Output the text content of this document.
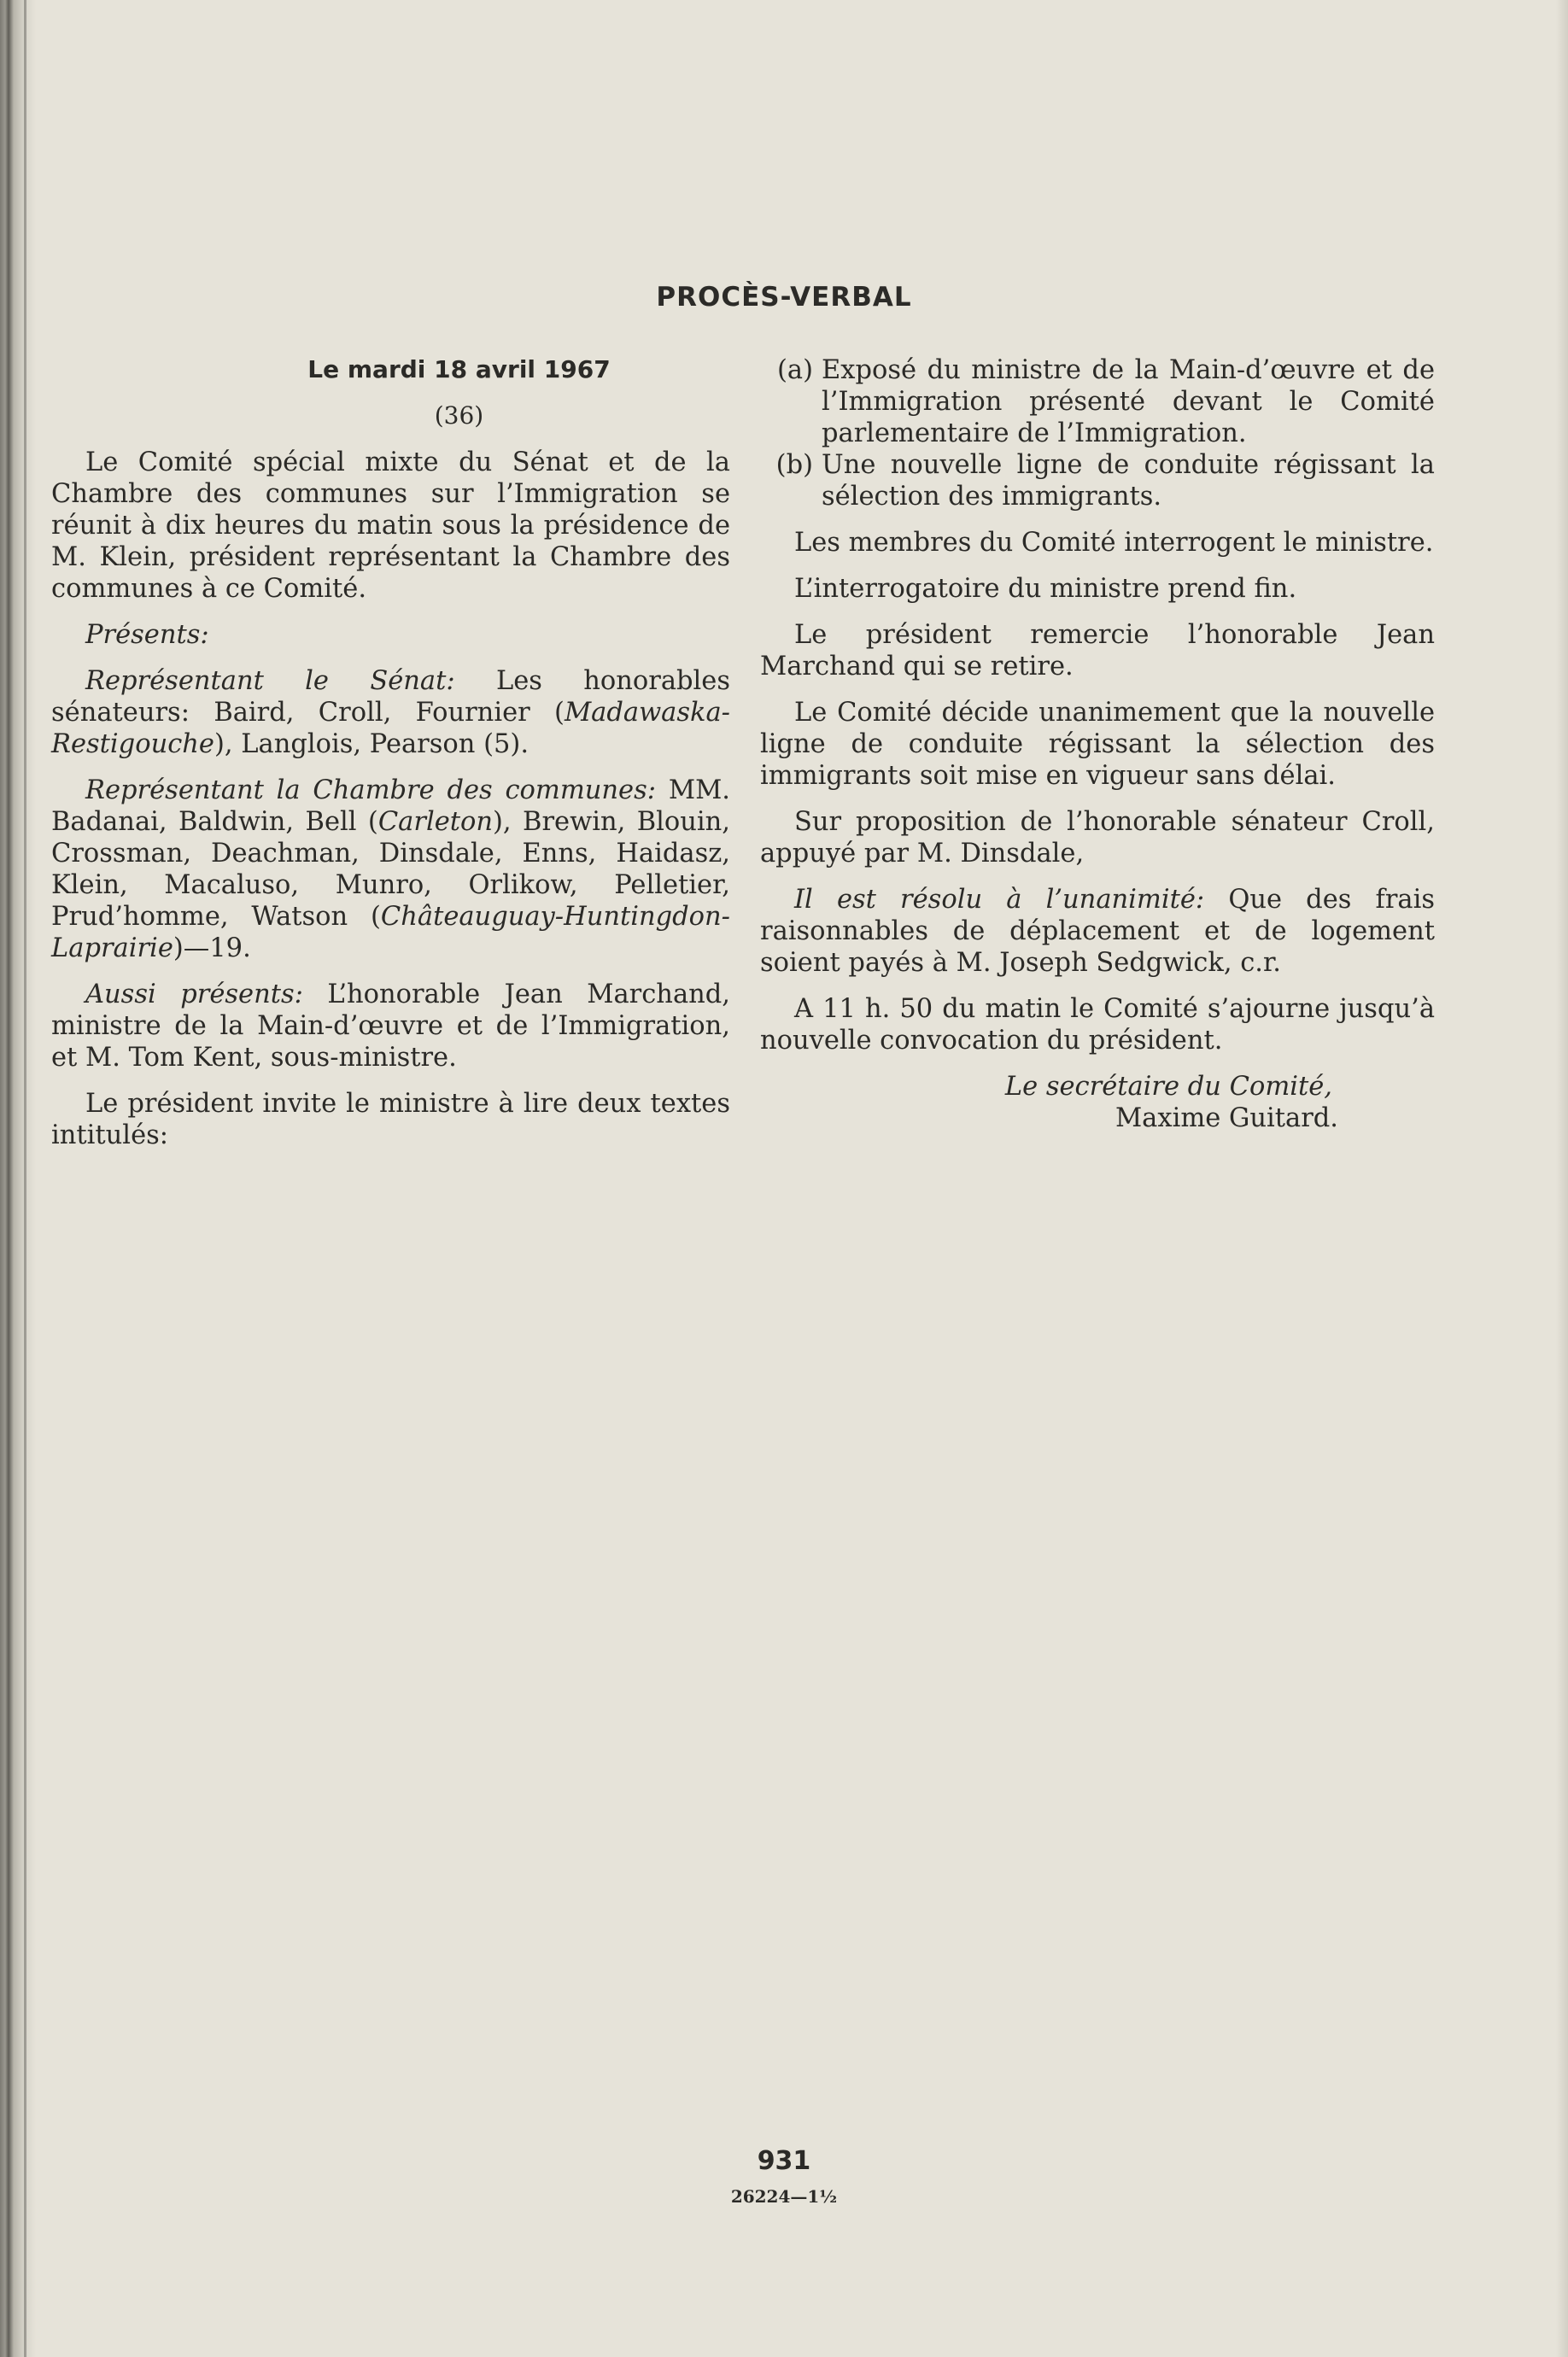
PROCÈS-VERBAL

Le mardi 18 avril 1967

(36)

Le Comité spécial mixte du Sénat et de la Chambre des communes sur l’Immigration se réunit à dix heures du matin sous la présidence de M. Klein, président représentant la Chambre des communes à ce Comité.

Présents:

Représentant le Sénat: Les honorables sénateurs: Baird, Croll, Fournier (Madawaska-Restigouche), Langlois, Pearson (5).

Représentant la Chambre des communes: MM. Badanai, Baldwin, Bell (Carleton), Brewin, Blouin, Crossman, Deachman, Dinsdale, Enns, Haidasz, Klein, Macaluso, Munro, Orlikow, Pelletier, Prud’homme, Watson (Châteauguay-Huntingdon-Laprairie)—19.

Aussi présents: L’honorable Jean Marchand, ministre de la Main-d’œuvre et de l’Immigration, et M. Tom Kent, sous-ministre.

Le président invite le ministre à lire deux textes intitulés:

(a) Exposé du ministre de la Main-d’œuvre et de l’Immigration présenté devant le Comité parlementaire de l’Immigration.
(b) Une nouvelle ligne de conduite régissant la sélection des immigrants.

Les membres du Comité interrogent le ministre.

L’interrogatoire du ministre prend fin.

Le président remercie l’honorable Jean Marchand qui se retire.

Le Comité décide unanimement que la nouvelle ligne de conduite régissant la sélection des immigrants soit mise en vigueur sans délai.

Sur proposition de l’honorable sénateur Croll, appuyé par M. Dinsdale,

Il est résolu à l’unanimité: Que des frais raisonnables de déplacement et de logement soient payés à M. Joseph Sedgwick, c.r.

A 11 h. 50 du matin le Comité s’ajourne jusqu’à nouvelle convocation du président.

Le secrétaire du Comité,

Maxime Guitard.

931
26224—1½
